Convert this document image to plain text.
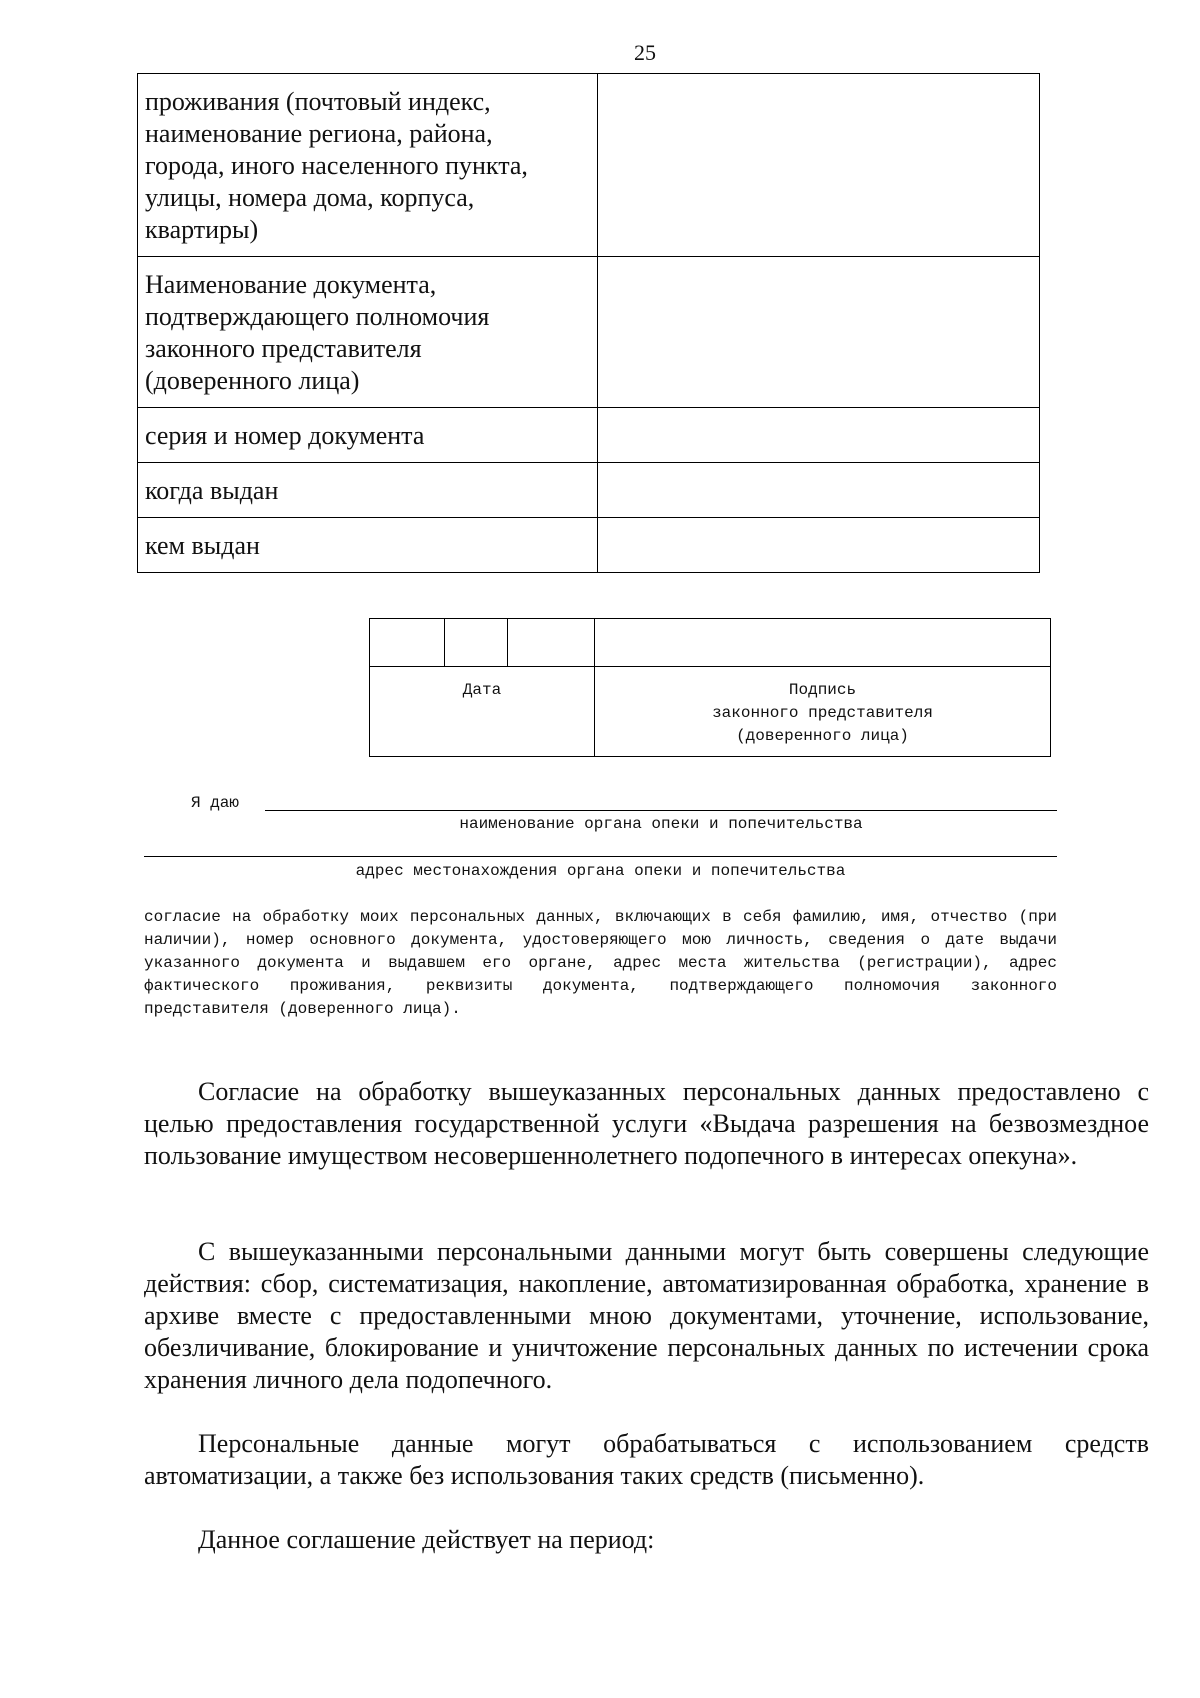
25
проживания (почтовый индекс,
наименование региона, района,
города, иного населенного пункта,
улицы, номера дома, корпуса,
квартиры)	
Наименование документа,
подтверждающего полномочия
законного представителя
(доверенного лица)	
серия и номер документа	
когда выдан	
кем выдан	

Дата			Подпись
законного представителя
(доверенного лица)
Я даю
наименование органа опеки и попечительства
адрес местонахождения органа опеки и попечительства
согласие на обработку моих персональных данных, включающих в себя фамилию, имя, отчество (при наличии), номер основного документа, удостоверяющего мою личность, сведения о дате выдачи указанного документа и выдавшем его органе, адрес места жительства (регистрации), адрес фактического проживания, реквизиты документа, подтверждающего полномочия законного представителя (доверенного лица).
Согласие на обработку вышеуказанных персональных данных предоставлено с целью предоставления государственной услуги «Выдача разрешения на безвозмездное пользование имуществом несовершеннолетнего подопечного в интересах опекуна».
С вышеуказанными персональными данными могут быть совершены следующие действия: сбор, систематизация, накопление, автоматизированная обработка, хранение в архиве вместе с предоставленными мною документами, уточнение, использование, обезличивание, блокирование и уничтожение персональных данных по истечении срока хранения личного дела подопечного.
Персональные данные могут обрабатываться с использованием средств автоматизации, а также без использования таких средств (письменно).
Данное соглашение действует на период:
